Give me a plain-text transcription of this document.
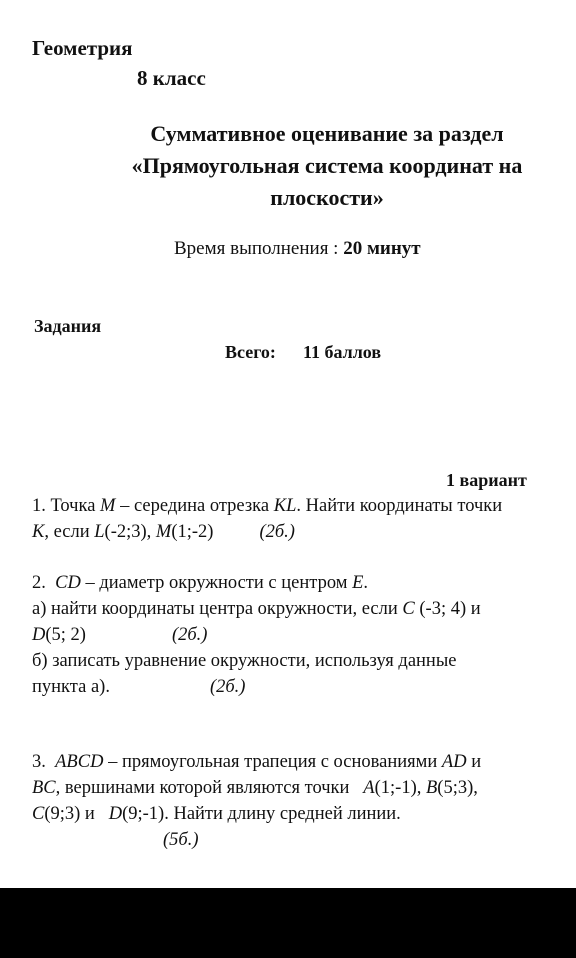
Геометрия
8 класс
Суммативное оценивание за раздел
«Прямоугольная система координат на
плоскости»
Время выполнения : 20 минут
Задания
Всего: 11 баллов
1 вариант
1. Точка M – середина отрезка KL. Найти координаты точки
K, если L(-2;3), M(1;-2) (2б.)
2. CD – диаметр окружности с центром E.
а) найти координаты центра окружности, если C (-3; 4) и
D(5; 2)	(2б.)
б) записать уравнение окружности, используя данные
пункта а).	(2б.)
3. ABCD – прямоугольная трапеция с основаниями AD и
BC, вершинами которой являются точки A(1;-1), B(5;3),
C(9;3) и D(9;-1). Найти длину средней линии.
(5б.)
